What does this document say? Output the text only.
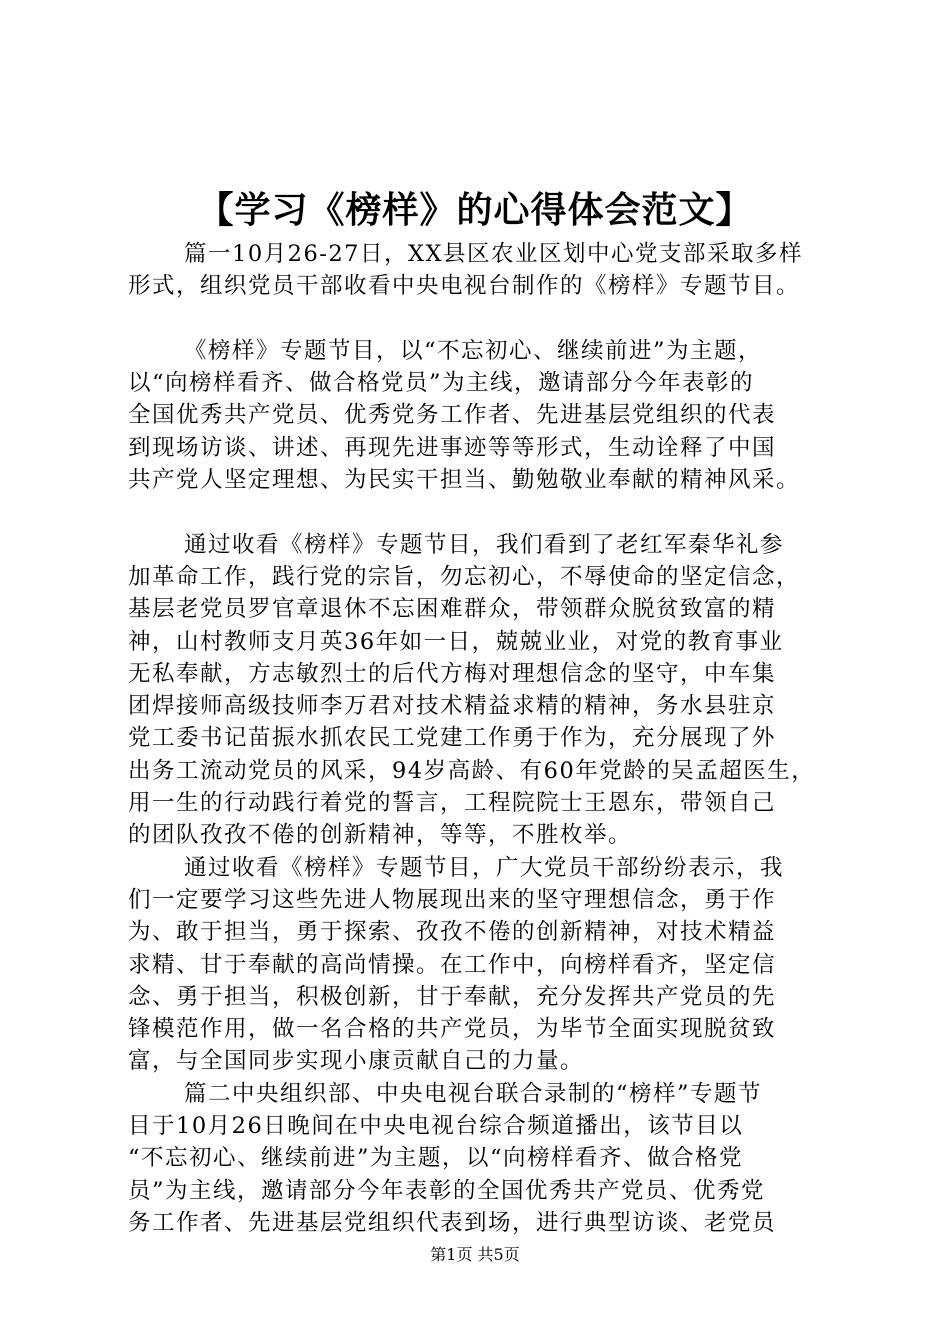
【学习《榜样》的心得体会范文】
篇一10月26-27日，XX县区农业区划中心党支部采取多样
形式，组织党员干部收看中央电视台制作的《榜样》专题节目。
《榜样》专题节目，以“不忘初心、继续前进”为主题，
以“向榜样看齐、做合格党员”为主线，邀请部分今年表彰的
全国优秀共产党员、优秀党务工作者、先进基层党组织的代表
到现场访谈、讲述、再现先进事迹等等形式，生动诠释了中国
共产党人坚定理想、为民实干担当、勤勉敬业奉献的精神风采。
通过收看《榜样》专题节目，我们看到了老红军秦华礼参
加革命工作，践行党的宗旨，勿忘初心，不辱使命的坚定信念，
基层老党员罗官章退休不忘困难群众，带领群众脱贫致富的精
神，山村教师支月英36年如一日，兢兢业业，对党的教育事业
无私奉献，方志敏烈士的后代方梅对理想信念的坚守，中车集
团焊接师高级技师李万君对技术精益求精的精神，务水县驻京
党工委书记苗振水抓农民工党建工作勇于作为，充分展现了外
出务工流动党员的风采，94岁高龄、有60年党龄的吴孟超医生，
用一生的行动践行着党的誓言，工程院院士王恩东，带领自己
的团队孜孜不倦的创新精神，等等，不胜枚举。
通过收看《榜样》专题节目，广大党员干部纷纷表示，我
们一定要学习这些先进人物展现出来的坚守理想信念，勇于作
为、敢于担当，勇于探索、孜孜不倦的创新精神，对技术精益
求精、甘于奉献的高尚情操。在工作中，向榜样看齐，坚定信
念、勇于担当，积极创新，甘于奉献，充分发挥共产党员的先
锋模范作用，做一名合格的共产党员，为毕节全面实现脱贫致
富，与全国同步实现小康贡献自己的力量。
篇二中央组织部、中央电视台联合录制的“榜样”专题节
目于10月26日晚间在中央电视台综合频道播出，该节目以
“不忘初心、继续前进”为主题，以“向榜样看齐、做合格党
员”为主线，邀请部分今年表彰的全国优秀共产党员、优秀党
务工作者、先进基层党组织代表到场，进行典型访谈、老党员
第1页 共5页
